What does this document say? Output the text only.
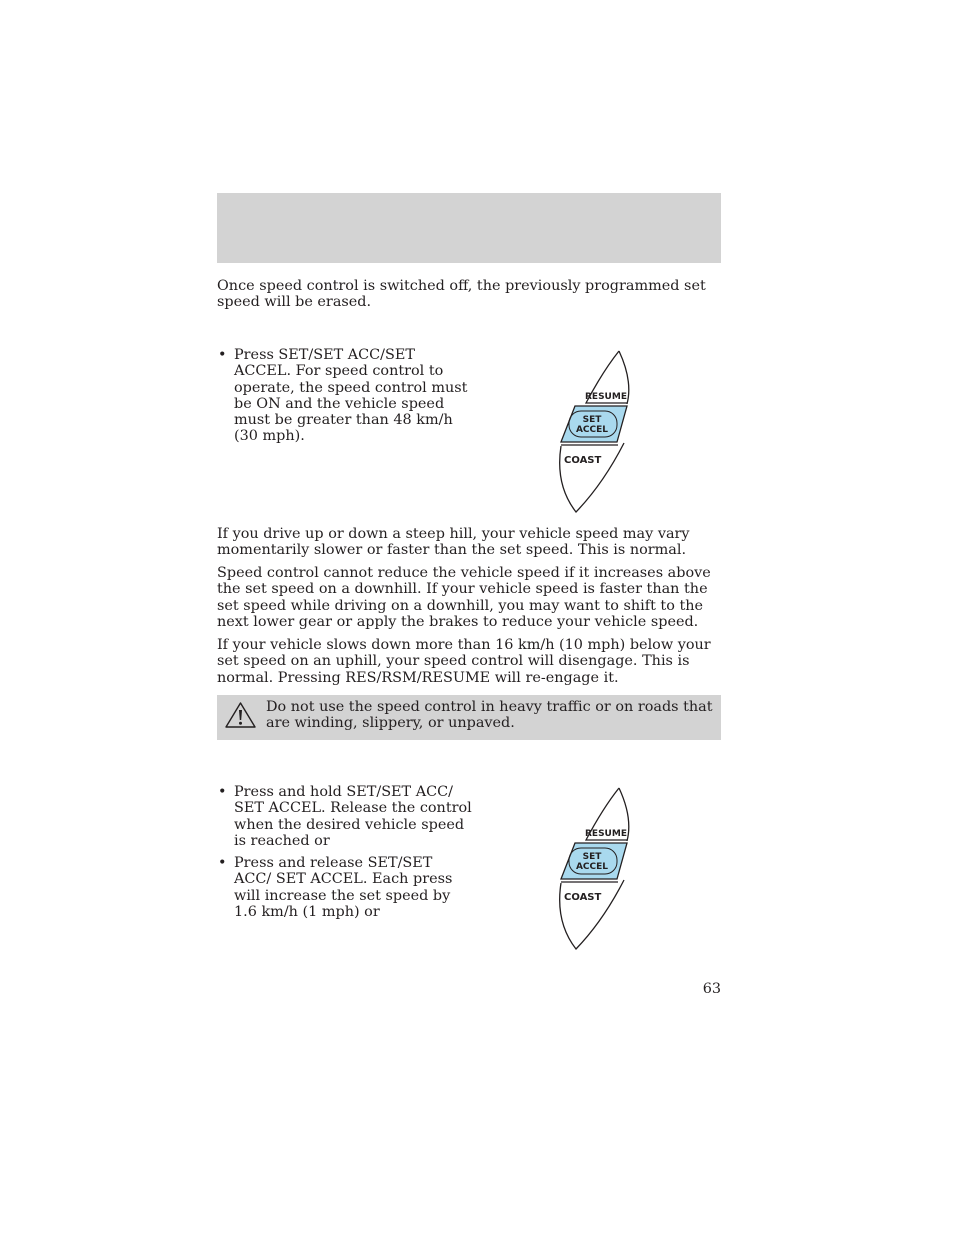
Once speed control is switched off, the previously programmed set speed will be erased.

• Press SET/SET ACC/SET ACCEL. For speed control to operate, the speed control must be ON and the vehicle speed must be greater than 48 km/h (30 mph).
RESUME
SET
ACCEL
COAST

If you drive up or down a steep hill, your vehicle speed may vary momentarily slower or faster than the set speed. This is normal.

Speed control cannot reduce the vehicle speed if it increases above the set speed on a downhill. If your vehicle speed is faster than the set speed while driving on a downhill, you may want to shift to the next lower gear or apply the brakes to reduce your vehicle speed.

If your vehicle slows down more than 16 km/h (10 mph) below your set speed on an uphill, your speed control will disengage. This is normal. Pressing RES/RSM/RESUME will re-engage it.

Do not use the speed control in heavy traffic or on roads that are winding, slippery, or unpaved.

• Press and hold SET/SET ACC/ SET ACCEL. Release the control when the desired vehicle speed is reached or
• Press and release SET/SET ACC/ SET ACCEL. Each press will increase the set speed by 1.6 km/h (1 mph) or
RESUME
SET
ACCEL
COAST
63
